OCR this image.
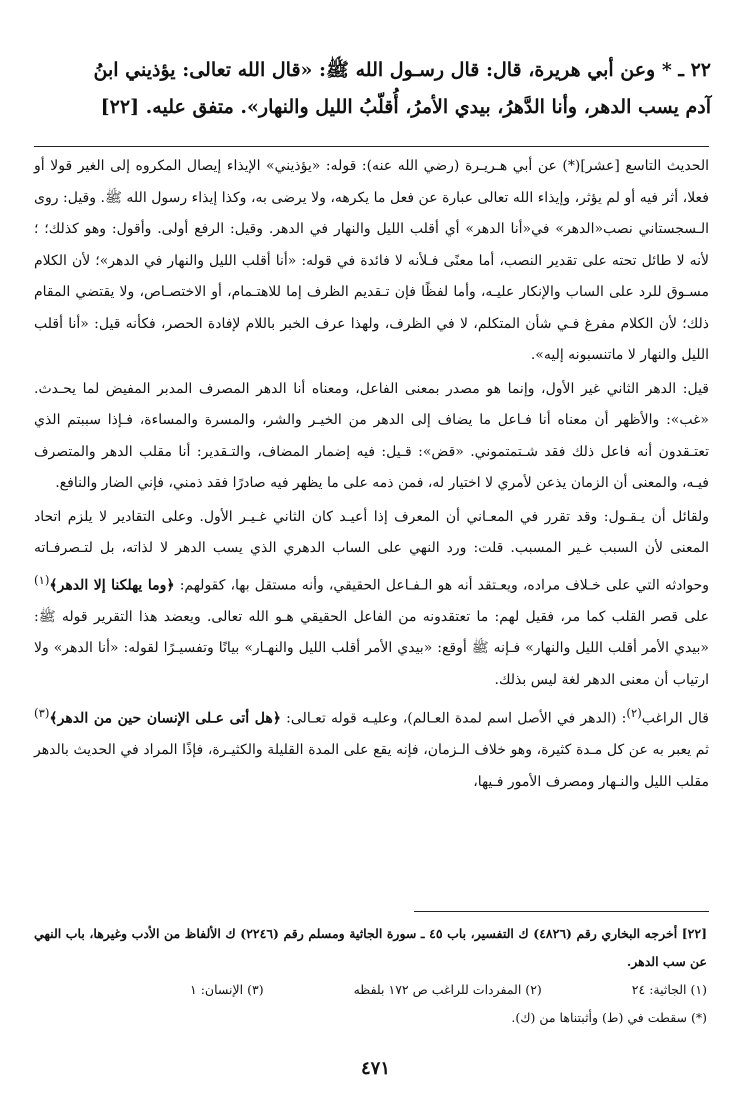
٢٢ ـ * وعن أبي هريرة، قال: قال رسـول الله ﷺ: «قال الله تعالى: يؤذيني ابنُ

آدم يسب الدهر، وأنا الدَّهرُ، بيدي الأمرُ، أُقلّبُ الليل والنهار». متفق عليه. [٢٢]

الحديث التاسع [عشر](*) عن أبي هـريـرة (رضي الله عنه): قوله: «يؤذيني» الإيذاء إيصال المكروه إلى الغير قولا أو فعلا، أثر فيه أو لم يؤثر، وإيذاء الله تعالى عبارة عن فعل ما يكرهه، ولا يرضى به، وكذا إيذاء رسول الله ﷺ. وقيل: روى الـسجستاني نصب«الدهر» في«أنا الدهر» أي أقلب الليل والنهار في الدهر. وقيل: الرفع أولى. وأقول: وهو كذلك؛ ؛ لأنه لا طائل تحته على تقدير النصب، أما معنًى فـلأنه لا فائدة في قوله: «أنا أقلب الليل والنهار في الدهر»؛ لأن الكلام مسـوق للرد على الساب والإنكار عليـه، وأما لفظًا فإن تـقديم الظرف إما للاهتـمام، أو الاختصـاص، ولا يقتضي المقام ذلك؛ لأن الكلام مفرغ فـي شأن المتكلم، لا في الظرف، ولهذا عرف الخبر باللام لإفادة الحصر، فكأنه قيل: «أنا أقلب الليل والنهار لا ماتنسبونه إليه».

قيل: الدهر الثاني غير الأول، وإنما هو مصدر بمعنى الفاعل، ومعناه أنا الدهر المصرف المدبر المفيض لما يحـدث. «غب»: والأظهر أن معناه أنا فـاعل ما يضاف إلى الدهر من الخيـر والشر، والمسرة والمساءة، فـإذا سببتم الذي تعتـقدون أنه فاعل ذلك فقد شـتمتموني. «قض»: قـيل: فيه إضمار المضاف، والتـقدير: أنا مقلب الدهر والمتصرف فيـه، والمعنى أن الزمان يذعن لأمري لا اختيار له، فمن ذمه على ما يظهر فيه صادرًا فقد ذمني، فإني الضار والنافع.

ولقائل أن يـقـول: وقد تقرر في المعـاني أن المعرف إذا أعيـد كان الثاني غـيـر الأول. وعلى التقادير لا يلزم اتحاد المعنى لأن السبب غـير المسبب. قلت: ورد النهي على الساب الدهري الذي يسب الدهر لا لذاته، بل لتـصرفـاته وحوادثه التي على خـلاف مراده، ويعـتقد أنه هو الـفـاعل الحقيقي، وأنه مستقل بها، كقولهم: ﴿وما يهلكنا إلا الدهر﴾$^{(١)}$ على قصر القلب كما مر، فقيل لهم: ما تعتقدونه من الفاعل الحقيقي هـو الله تعالى. ويعضد هذا التقرير قوله ﷺ: «بيدي الأمر أقلب الليل والنهار» فـإنه ﷺ أوقع: «بيدي الأمر أقلب الليل والنهـار» بيانًا وتفسيـرًا لقوله: «أنا الدهر» ولا ارتياب أن معنى الدهر لغة ليس بذلك.

قال الراغب$^{(٢)}$: (الدهر في الأصل اسم لمدة العـالم)، وعليـه قوله تعـالى: ﴿هل أتى عـلى الإنسان حين من الدهر﴾$^{(٣)}$ ثم يعبر به عن كل مـدة كثيرة، وهو خلاف الـزمان، فإنه يقع على المدة القليلة والكثيـرة، فإذًا المراد في الحديث بالدهر مقلب الليل والنـهار ومصرف الأمور فـيها،

[٢٢] أخرجه البخاري رقم (٤٨٢٦) ك التفسير، باب ٤٥ ـ سورة الجاثية ومسلم رقم (٢٢٤٦) ك الألفاظ من الأدب وغيرها، باب النهي عن سب الدهر.

(١) الجاثية: ٢٤
(٢) المفردات للراغب ص ١٧٢ بلفظه
(٣) الإنسان: ١

(*) سقطت في (ط) وأثبتناها من (ك).

٤٧١
